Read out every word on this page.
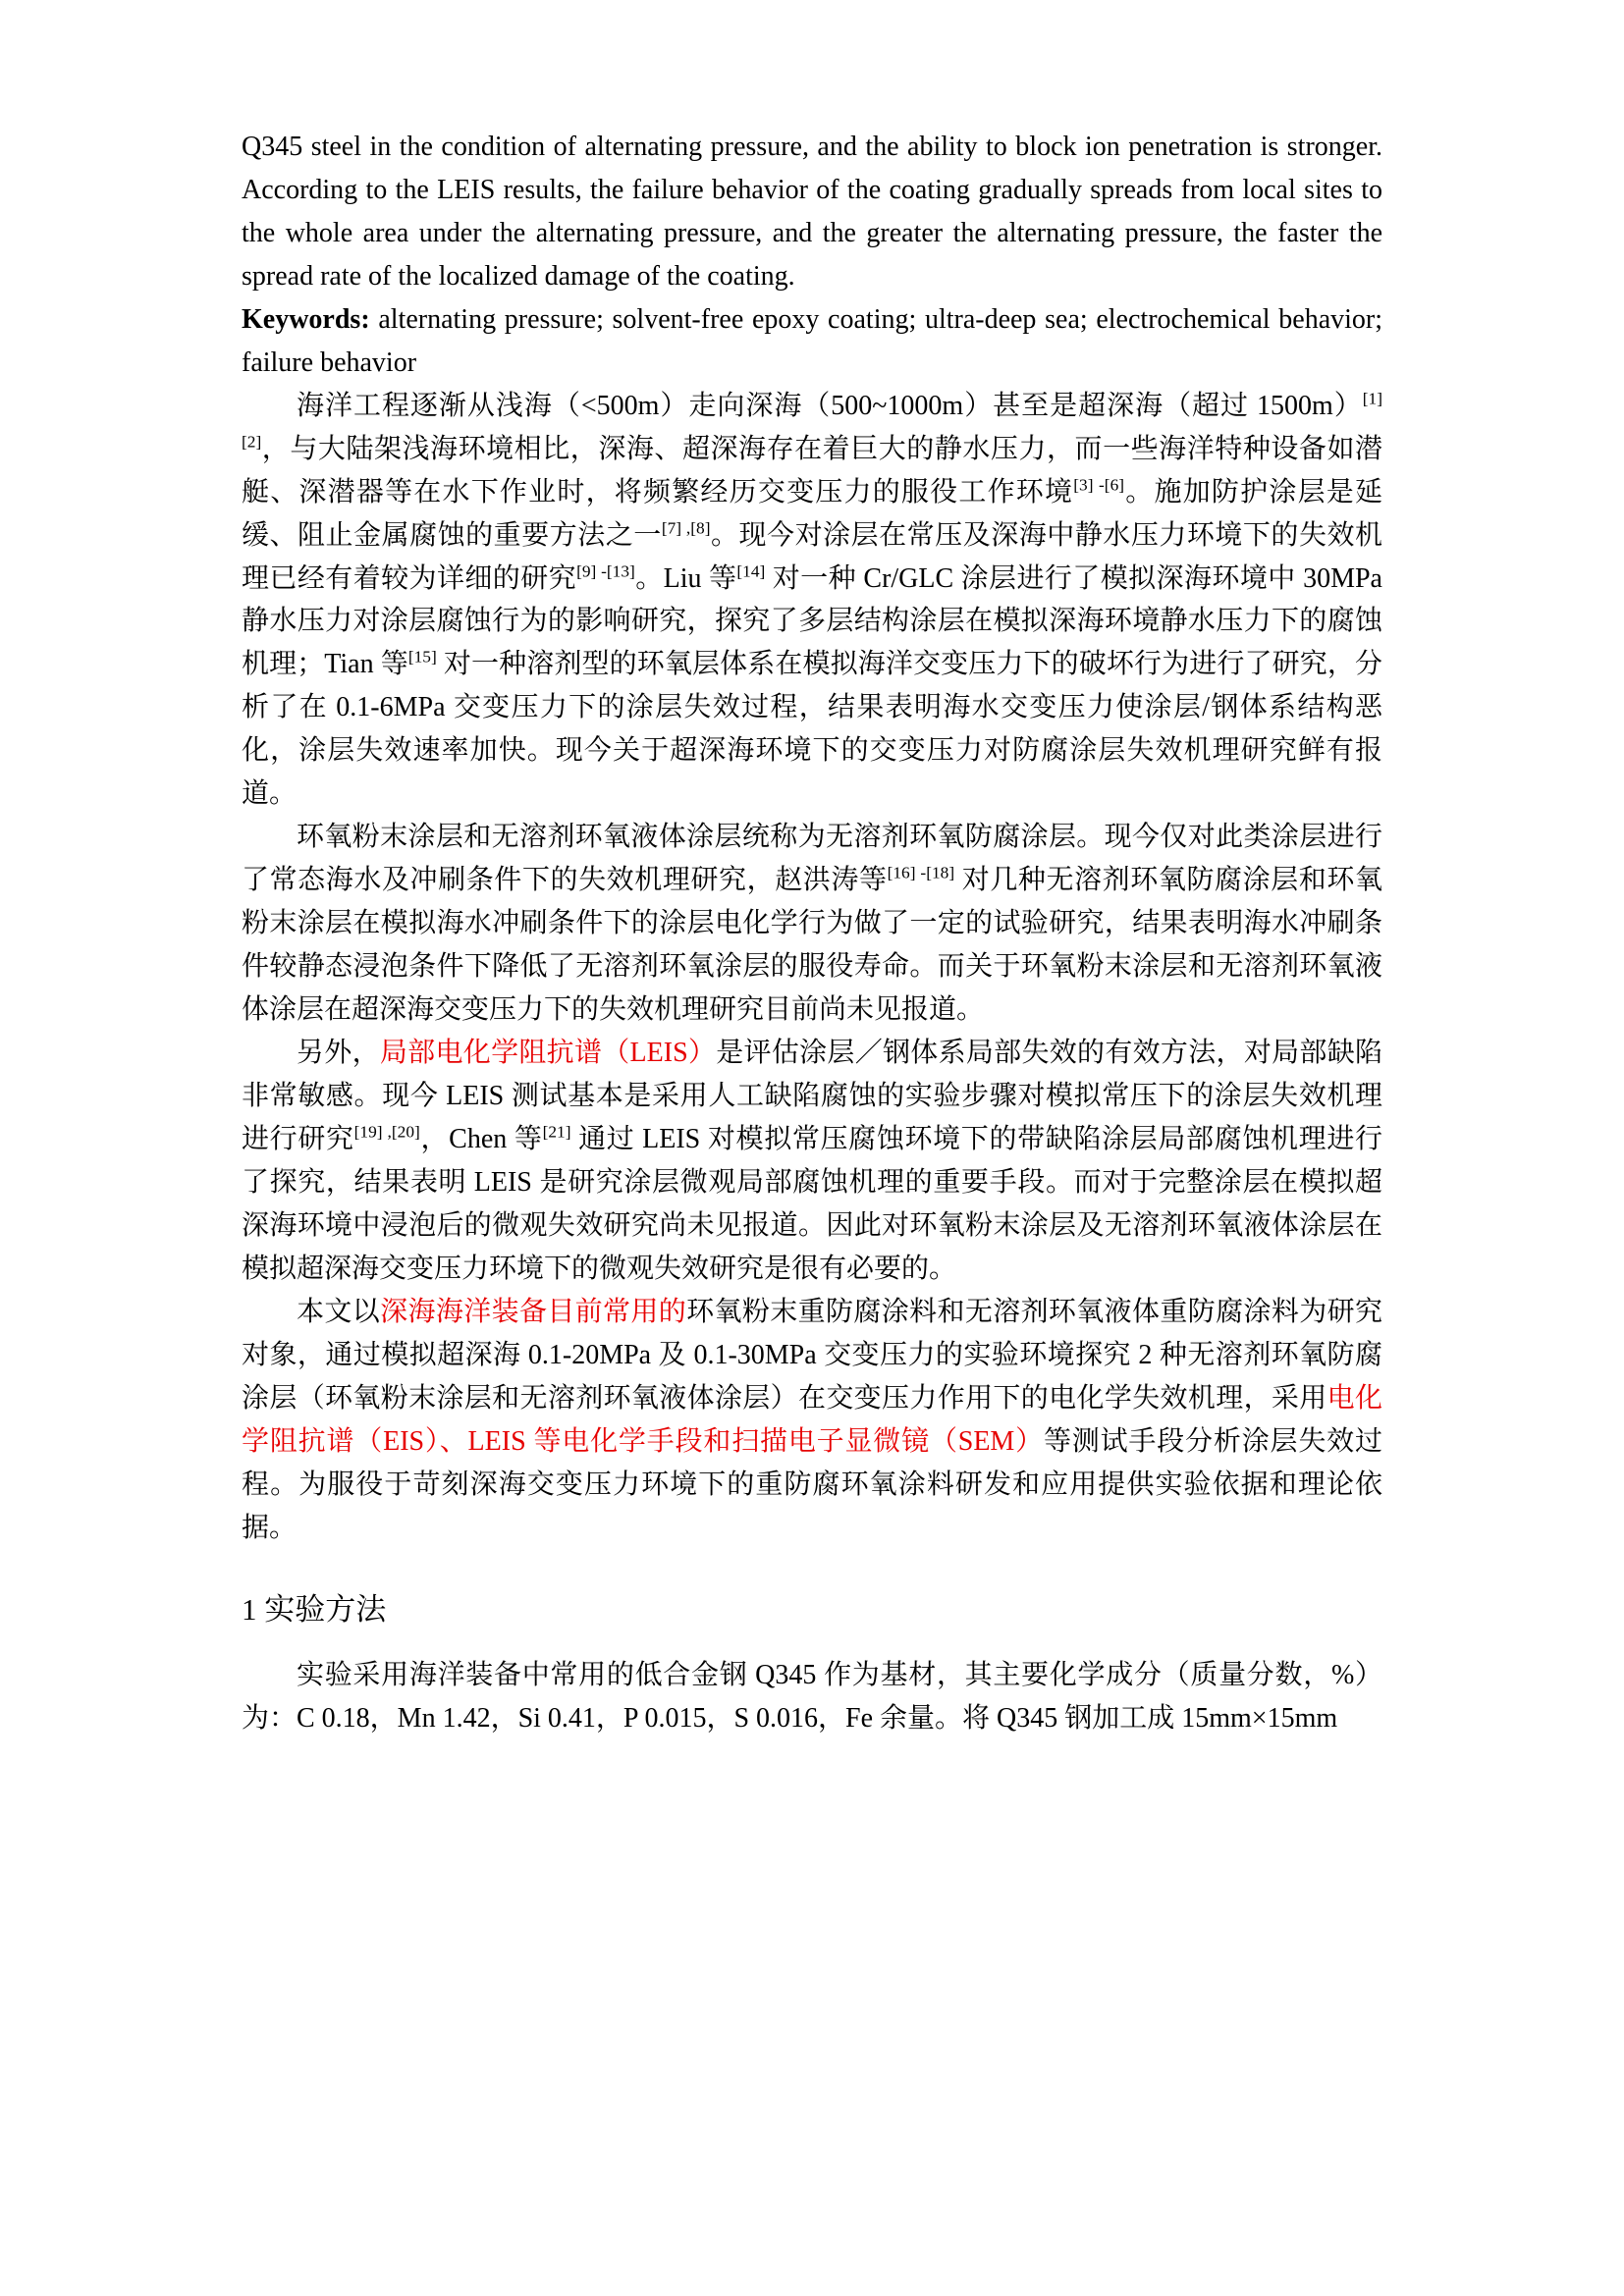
Q345 steel in the condition of alternating pressure, and the ability to block ion penetration is stronger. According to the LEIS results, the failure behavior of the coating gradually spreads from local sites to the whole area under the alternating pressure, and the greater the alternating pressure, the faster the spread rate of the localized damage of the coating.

Keywords: alternating pressure; solvent-free epoxy coating; ultra-deep sea; electrochemical behavior; failure behavior

海洋工程逐渐从浅海（<500m）走向深海（500~1000m）甚至是超深海（超过 1500m）[1] [2]，与大陆架浅海环境相比，深海、超深海存在着巨大的静水压力，而一些海洋特种设备如潜艇、深潜器等在水下作业时，将频繁经历交变压力的服役工作环境[3] -[6]。施加防护涂层是延缓、阻止金属腐蚀的重要方法之一[7] ,[8]。现今对涂层在常压及深海中静水压力环境下的失效机理已经有着较为详细的研究[9] -[13]。Liu 等[14] 对一种 Cr/GLC 涂层进行了模拟深海环境中 30MPa 静水压力对涂层腐蚀行为的影响研究，探究了多层结构涂层在模拟深海环境静水压力下的腐蚀机理；Tian 等[15] 对一种溶剂型的环氧层体系在模拟海洋交变压力下的破坏行为进行了研究，分析了在 0.1-6MPa 交变压力下的涂层失效过程，结果表明海水交变压力使涂层/钢体系结构恶化，涂层失效速率加快。现今关于超深海环境下的交变压力对防腐涂层失效机理研究鲜有报道。

环氧粉末涂层和无溶剂环氧液体涂层统称为无溶剂环氧防腐涂层。现今仅对此类涂层进行了常态海水及冲刷条件下的失效机理研究，赵洪涛等[16] -[18] 对几种无溶剂环氧防腐涂层和环氧粉末涂层在模拟海水冲刷条件下的涂层电化学行为做了一定的试验研究，结果表明海水冲刷条件较静态浸泡条件下降低了无溶剂环氧涂层的服役寿命。而关于环氧粉末涂层和无溶剂环氧液体涂层在超深海交变压力下的失效机理研究目前尚未见报道。

另外，局部电化学阻抗谱（LEIS）是评估涂层／钢体系局部失效的有效方法，对局部缺陷非常敏感。现今 LEIS 测试基本是采用人工缺陷腐蚀的实验步骤对模拟常压下的涂层失效机理进行研究[19] ,[20]，Chen 等[21] 通过 LEIS 对模拟常压腐蚀环境下的带缺陷涂层局部腐蚀机理进行了探究，结果表明 LEIS 是研究涂层微观局部腐蚀机理的重要手段。而对于完整涂层在模拟超深海环境中浸泡后的微观失效研究尚未见报道。因此对环氧粉末涂层及无溶剂环氧液体涂层在模拟超深海交变压力环境下的微观失效研究是很有必要的。

本文以深海海洋装备目前常用的环氧粉末重防腐涂料和无溶剂环氧液体重防腐涂料为研究对象，通过模拟超深海 0.1-20MPa 及 0.1-30MPa 交变压力的实验环境探究 2 种无溶剂环氧防腐涂层（环氧粉末涂层和无溶剂环氧液体涂层）在交变压力作用下的电化学失效机理，采用电化学阻抗谱（EIS）、LEIS 等电化学手段和扫描电子显微镜（SEM）等测试手段分析涂层失效过程。为服役于苛刻深海交变压力环境下的重防腐环氧涂料研发和应用提供实验依据和理论依据。

1 实验方法

实验采用海洋装备中常用的低合金钢 Q345 作为基材，其主要化学成分（质量分数，%）为：C 0.18，Mn 1.42，Si 0.41，P 0.015，S 0.016，Fe 余量。将 Q345 钢加工成 15mm×15mm
